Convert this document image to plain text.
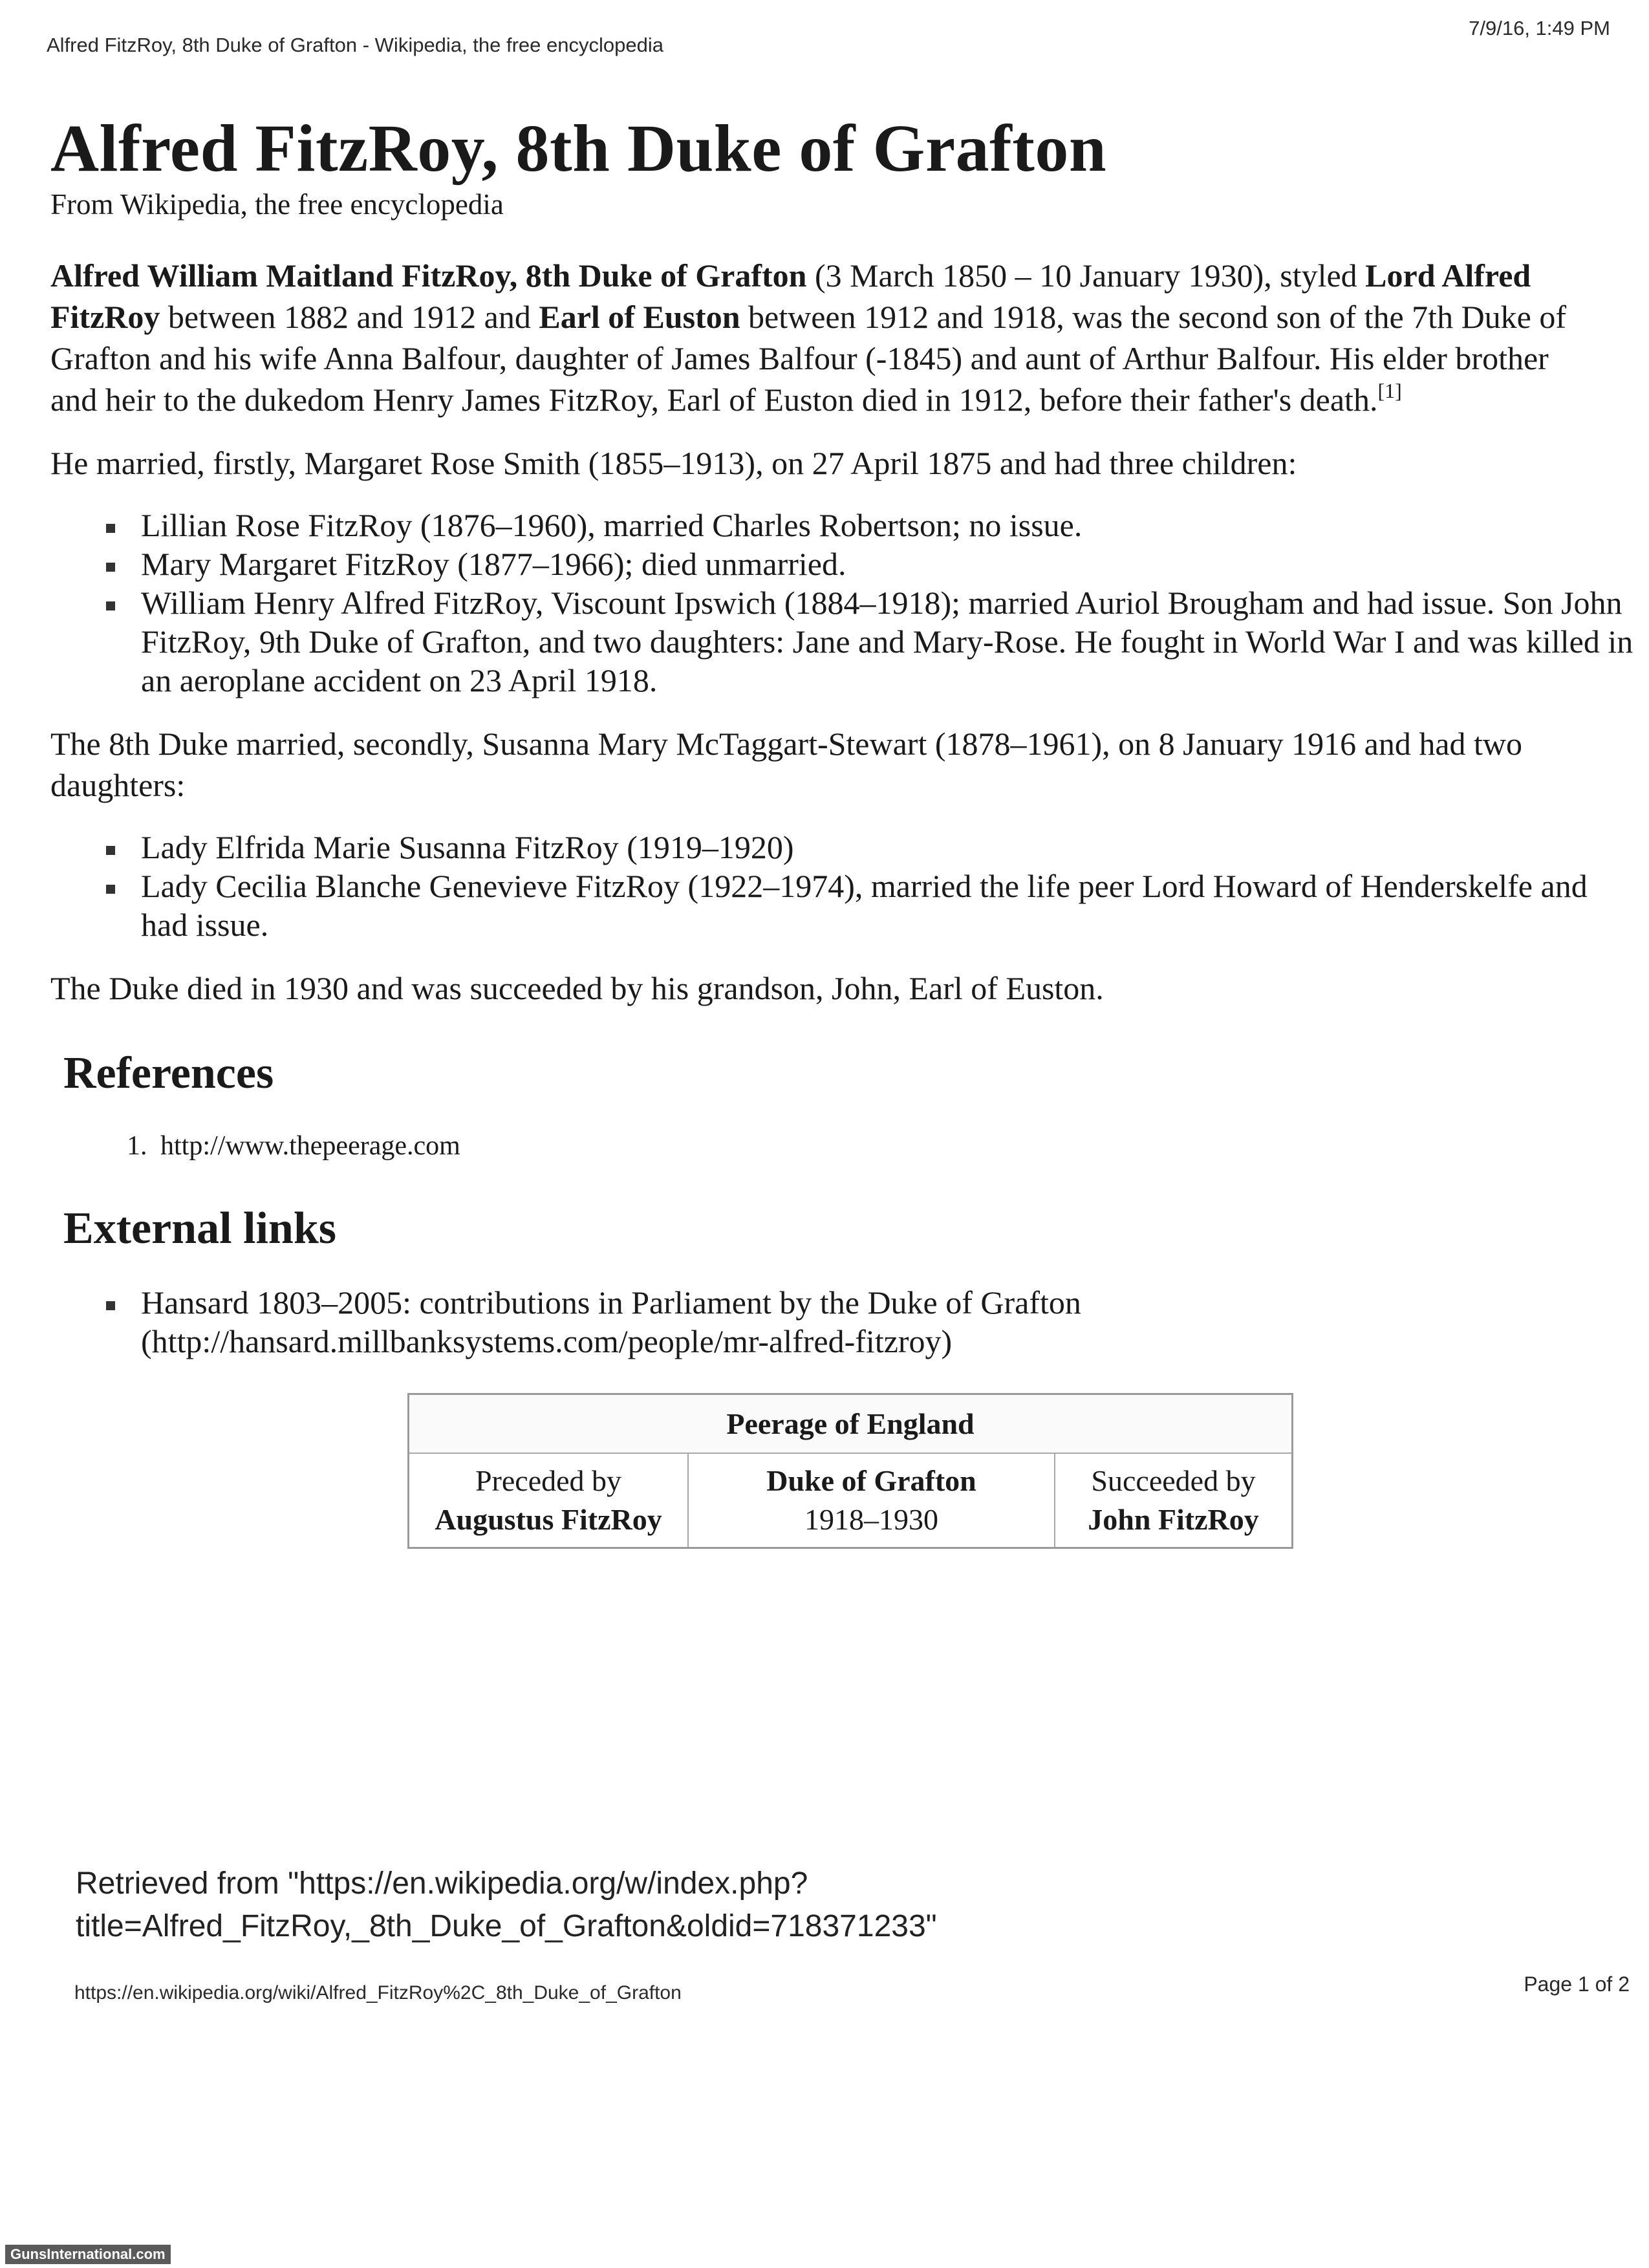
Alfred FitzRoy, 8th Duke of Grafton - Wikipedia, the free encyclopedia
7/9/16, 1:49 PM
Alfred FitzRoy, 8th Duke of Grafton
From Wikipedia, the free encyclopedia

Alfred William Maitland FitzRoy, 8th Duke of Grafton (3 March 1850 – 10 January 1930), styled Lord Alfred FitzRoy between 1882 and 1912 and Earl of Euston between 1912 and 1918, was the second son of the 7th Duke of Grafton and his wife Anna Balfour, daughter of James Balfour (-1845) and aunt of Arthur Balfour. His elder brother and heir to the dukedom Henry James FitzRoy, Earl of Euston died in 1912, before their father's death.[1]

He married, firstly, Margaret Rose Smith (1855–1913), on 27 April 1875 and had three children:

Lillian Rose FitzRoy (1876–1960), married Charles Robertson; no issue.
Mary Margaret FitzRoy (1877–1966); died unmarried.
William Henry Alfred FitzRoy, Viscount Ipswich (1884–1918); married Auriol Brougham and had issue. Son John FitzRoy, 9th Duke of Grafton, and two daughters: Jane and Mary-Rose. He fought in World War I and was killed in an aeroplane accident on 23 April 1918.

The 8th Duke married, secondly, Susanna Mary McTaggart-Stewart (1878–1961), on 8 January 1916 and had two daughters:

Lady Elfrida Marie Susanna FitzRoy (1919–1920)
Lady Cecilia Blanche Genevieve FitzRoy (1922–1974), married the life peer Lord Howard of Henderskelfe and had issue.

The Duke died in 1930 and was succeeded by his grandson, John, Earl of Euston.

References
1. http://www.thepeerage.com
External links
Hansard 1803–2005: contributions in Parliament by the Duke of Grafton (http://hansard.millbanksystems.com/people/mr-alfred-fitzroy)
Peerage of England

Preceded by
Augustus FitzRoy

Duke of Grafton
1918–1930

Succeeded by
John FitzRoy
Retrieved from "https://en.wikipedia.org/w/index.php?
title=Alfred_FitzRoy,_8th_Duke_of_Grafton&oldid=718371233"
https://en.wikipedia.org/wiki/Alfred_FitzRoy%2C_8th_Duke_of_Grafton	Page 1 of 2
GunsInternational.com
